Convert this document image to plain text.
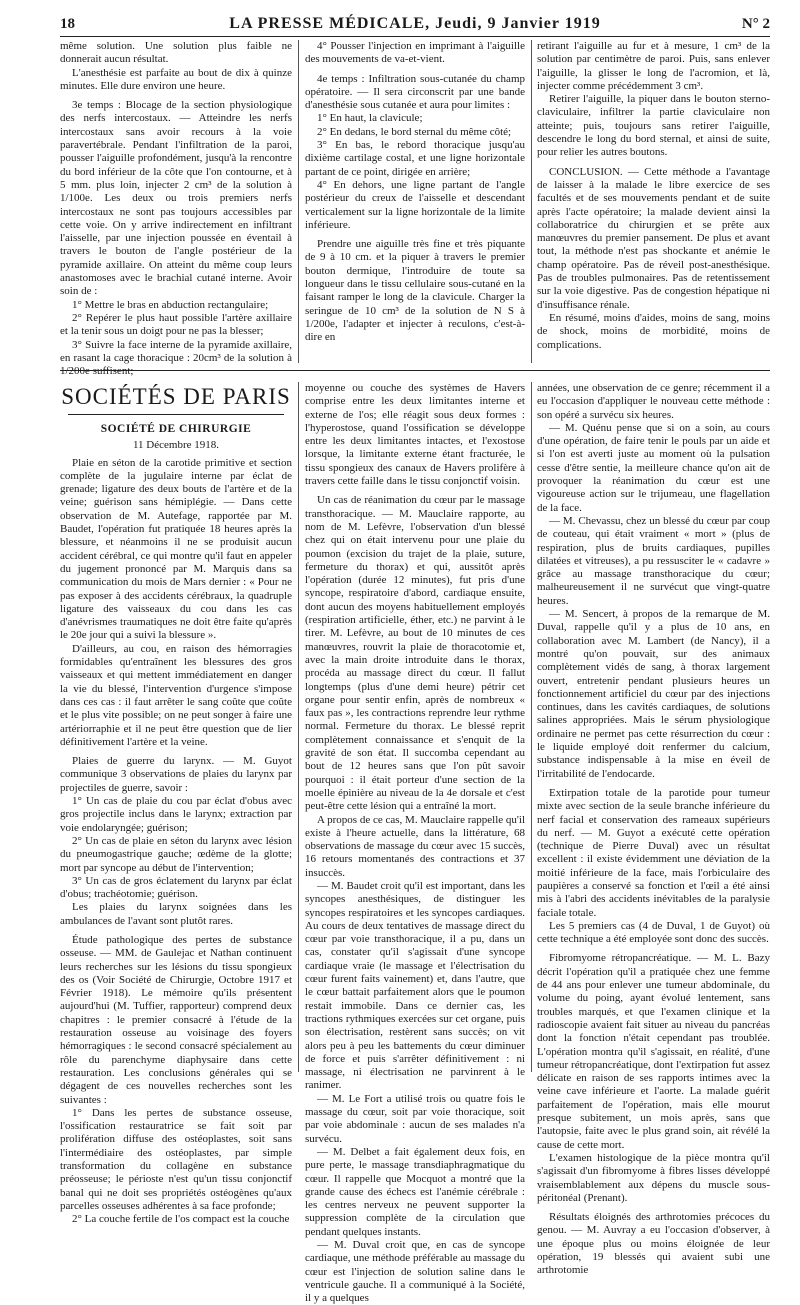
18	LA PRESSE MÉDICALE, Jeudi, 9 Janvier 1919	N° 2

même solution. Une solution plus faible ne donnerait aucun résultat.

L'anesthésie est parfaite au bout de dix à quinze minutes. Elle dure environ une heure.

3e temps : Blocage de la section physiologique des nerfs intercostaux. — Atteindre les nerfs intercostaux sans avoir recours à la voie paravertébrale. Pendant l'infiltration de la paroi, pousser l'aiguille profondément, jusqu'à la rencontre du bord inférieur de la côte que l'on contourne, et à 5 mm. plus loin, injecter 2 cm³ de la solution à 1/100e. Les deux ou trois premiers nerfs intercostaux ne sont pas toujours accessibles par cette voie. On y arrive indirectement en infiltrant l'aisselle, par une injection poussée en éventail à travers le bouton de l'angle postérieur de la pyramide axillaire. On atteint du même coup leurs anastomoses avec le brachial cutané interne. Avoir soin de :

1° Mettre le bras en abduction rectangulaire;

2° Repérer le plus haut possible l'artère axillaire et la tenir sous un doigt pour ne pas la blesser;

3° Suivre la face interne de la pyramide axillaire, en rasant la cage thoracique : 20cm³ de la solution à 1/200e suffisent;

4° Pousser l'injection en imprimant à l'aiguille des mouvements de va-et-vient.

4e temps : Infiltration sous-cutanée du champ opératoire. — Il sera circonscrit par une bande d'anesthésie sous cutanée et aura pour limites :

1° En haut, la clavicule;

2° En dedans, le bord sternal du même côté;

3° En bas, le rebord thoracique jusqu'au dixième cartilage costal, et une ligne horizontale partant de ce point, dirigée en arrière;

4° En dehors, une ligne partant de l'angle postérieur du creux de l'aisselle et descendant verticalement sur la ligne horizontale de la limite inférieure.

Prendre une aiguille très fine et très piquante de 9 à 10 cm. et la piquer à travers le premier bouton dermique, l'introduire de toute sa longueur dans le tissu cellulaire sous-cutané en la faisant ramper le long de la clavicule. Charger la seringue de 10 cm³ de la solution de N S à 1/200e, l'adapter et injecter à reculons, c'est-à-dire en

retirant l'aiguille au fur et à mesure, 1 cm³ de la solution par centimètre de paroi. Puis, sans enlever l'aiguille, la glisser le long de l'acromion, et là, injecter comme précédemment 3 cm³.

Retirer l'aiguille, la piquer dans le bouton sterno-claviculaire, infiltrer la partie claviculaire non atteinte; puis, toujours sans retirer l'aiguille, descendre le long du bord sternal, et ainsi de suite, pour relier les autres boutons.

CONCLUSION. — Cette méthode a l'avantage de laisser à la malade le libre exercice de ses facultés et de ses mouvements pendant et de suite après l'acte opératoire; la malade devient ainsi la collaboratrice du chirurgien et se prête aux manœuvres du premier pansement. De plus et avant tout, la méthode n'est pas shockante et anémie le champ opératoire. Pas de réveil post-anesthésique. Pas de troubles pulmonaires. Pas de retentissement sur la voie digestive. Pas de congestion hépatique ni d'insuffisance rénale.

En résumé, moins d'aides, moins de sang, moins de shock, moins de morbidité, moins de complications.

SOCIÉTÉS DE PARIS
SOCIÉTÉ DE CHIRURGIE
11 Décembre 1918.

Plaie en séton de la carotide primitive et section complète de la jugulaire interne par éclat de grenade; ligature des deux bouts de l'artère et de la veine; guérison sans hémiplégie. — Dans cette observation de M. Autefage, rapportée par M. Baudet, l'opération fut pratiquée 18 heures après la blessure, et néanmoins il ne se produisit aucun accident cérébral, ce qui montre qu'il faut en appeler du jugement prononcé par M. Marquis dans sa communication du mois de Mars dernier : « Pour ne pas exposer à des accidents cérébraux, la quadruple ligature des vaisseaux du cou dans les cas d'anévrismes traumatiques ne doit être faite qu'après le 20e jour qui a suivi la blessure ».

D'ailleurs, au cou, en raison des hémorragies formidables qu'entraînent les blessures des gros vaisseaux et qui mettent immédiatement en danger la vie du blessé, l'intervention d'urgence s'impose dans ces cas : il faut arrêter le sang coûte que coûte et le plus vite possible; on ne peut songer à faire une artériorraphie et il ne peut être question que de lier définitivement l'artère et la veine.

Plaies de guerre du larynx. — M. Guyot communique 3 observations de plaies du larynx par projectiles de guerre, savoir :

1° Un cas de plaie du cou par éclat d'obus avec gros projectile inclus dans le larynx; extraction par voie endolaryngée; guérison;

2° Un cas de plaie en séton du larynx avec lésion du pneumogastrique gauche; œdème de la glotte; mort par syncope au début de l'intervention;

3° Un cas de gros éclatement du larynx par éclat d'obus; trachéotomie; guérison.

Les plaies du larynx soignées dans les ambulances de l'avant sont plutôt rares.

Étude pathologique des pertes de substance osseuse. — MM. de Gaulejac et Nathan continuent leurs recherches sur les lésions du tissu spongieux des os (Voir Société de Chirurgie, Octobre 1917 et Février 1918). Le mémoire qu'ils présentent aujourd'hui (M. Tuffier, rapporteur) comprend deux chapitres : le premier consacré à l'étude de la restauration osseuse au voisinage des foyers hémorragiques : le second consacré spécialement au rôle du parenchyme diaphysaire dans cette restauration. Les conclusions générales qui se dégagent de ces nouvelles recherches sont les suivantes :

1° Dans les pertes de substance osseuse, l'ossification restauratrice se fait soit par prolifération diffuse des ostéoplastes, soit sans l'intermédiaire des ostéoplastes, par simple transformation du collagène en substance préosseuse; le périoste n'est qu'un tissu conjonctif banal qui ne doit ses propriétés ostéogènes qu'aux parcelles osseuses adhérentes à sa face profonde;

2° La couche fertile de l'os compact est la couche

moyenne ou couche des systèmes de Havers comprise entre les deux limitantes interne et externe de l'os; elle réagit sous deux formes : l'hyperostose, quand l'ossification se développe entre les deux limitantes intactes, et l'exostose lorsque, la limitante externe étant fracturée, le tissu spongieux des canaux de Havers prolifère à travers cette faille dans le tissu conjonctif voisin.

Un cas de réanimation du cœur par le massage transthoracique. — M. Mauclaire rapporte, au nom de M. Lefèvre, l'observation d'un blessé chez qui on était intervenu pour une plaie du poumon (excision du trajet de la plaie, suture, fermeture du thorax) et qui, aussitôt après l'opération (durée 12 minutes), fut pris d'une syncope, respiratoire d'abord, cardiaque ensuite, dont aucun des moyens habituellement employés (respiration artificielle, éther, etc.) ne parvint à le tirer. M. Lefèvre, au bout de 10 minutes de ces manœuvres, rouvrit la plaie de thoracotomie et, avec la main droite introduite dans le thorax, procéda au massage direct du cœur. Il fallut longtemps (plus d'une demi heure) pétrir cet organe pour sentir enfin, après de nombreux « faux pas », les contractions reprendre leur rythme normal. Fermeture du thorax. Le blessé reprit complètement connaissance et s'enquit de la gravité de son état. Il succomba cependant au bout de 12 heures sans que l'on pût savoir pourquoi : il était porteur d'une section de la moelle épinière au niveau de la 4e dorsale et c'est peut-être cette lésion qui a entraîné la mort.

A propos de ce cas, M. Mauclaire rappelle qu'il existe à l'heure actuelle, dans la littérature, 68 observations de massage du cœur avec 15 succès, 16 retours momentanés des contractions et 37 insuccès.

— M. Baudet croit qu'il est important, dans les syncopes anesthésiques, de distinguer les syncopes respiratoires et les syncopes cardiaques. Au cours de deux tentatives de massage direct du cœur par voie transthoracique, il a pu, dans un cas, constater qu'il s'agissait d'une syncope cardiaque vraie (le massage et l'électrisation du cœur furent faits vainement) et, dans l'autre, que le cœur battait parfaitement alors que le poumon restait immobile. Dans ce dernier cas, les tractions rythmiques exercées sur cet organe, puis son électrisation, restèrent sans succès; on vit alors peu à peu les battements du cœur diminuer de force et puis s'arrêter définitivement : ni massage, ni électrisation ne parvinrent à le ranimer.

— M. Le Fort a utilisé trois ou quatre fois le massage du cœur, soit par voie thoracique, soit par voie abdominale : aucun de ses malades n'a survécu.

— M. Delbet a fait également deux fois, en pure perte, le massage transdiaphragmatique du cœur. Il rappelle que Mocquot a montré que la grande cause des échecs est l'anémie cérébrale : les centres nerveux ne peuvent supporter la suppression complète de la circulation que pendant quelques instants.

— M. Duval croit que, en cas de syncope cardiaque, une méthode préférable au massage du cœur est l'injection de solution saline dans le ventricule gauche. Il a communiqué à la Société, il y a quelques

années, une observation de ce genre; récemment il a eu l'occasion d'appliquer le nouveau cette méthode : son opéré a survécu six heures.

— M. Quénu pense que si on a soin, au cours d'une opération, de faire tenir le pouls par un aide et si l'on est averti juste au moment où la pulsation cesse d'être sentie, la meilleure chance qu'on ait de provoquer la réanimation du cœur est une vigoureuse action sur le trijumeau, une flagellation de la face.

— M. Chevassu, chez un blessé du cœur par coup de couteau, qui était vraiment « mort » (plus de respiration, plus de bruits cardiaques, pupilles dilatées et vitreuses), a pu ressusciter le « cadavre » grâce au massage transthoracique du cœur; malheureusement il ne survécut que vingt-quatre heures.

— M. Sencert, à propos de la remarque de M. Duval, rappelle qu'il y a plus de 10 ans, en collaboration avec M. Lambert (de Nancy), il a montré qu'on pouvait, sur des animaux complètement vidés de sang, à thorax largement ouvert, entretenir pendant plusieurs heures un fonctionnement artificiel du cœur par des injections continues, dans les cavités cardiaques, de solutions salines appropriées. Mais le sérum physiologique ordinaire ne permet pas cette résurrection du cœur : le liquide employé doit renfermer du calcium, substance indispensable à la mise en éveil de l'irritabilité de l'endocarde.

Extirpation totale de la parotide pour tumeur mixte avec section de la seule branche inférieure du nerf facial et conservation des rameaux supérieurs du nerf. — M. Guyot a exécuté cette opération (technique de Pierre Duval) avec un résultat excellent : il existe évidemment une déviation de la moitié inférieure de la face, mais l'orbiculaire des paupières a conservé sa fonction et l'œil a été ainsi mis à l'abri des accidents inévitables de la paralysie faciale totale.

Les 5 premiers cas (4 de Duval, 1 de Guyot) où cette technique a été employée sont donc des succès.

Fibromyome rétropancréatique. — M. L. Bazy décrit l'opération qu'il a pratiquée chez une femme de 44 ans pour enlever une tumeur abdominale, du volume du poing, ayant évolué lentement, sans troubles marqués, et que l'examen clinique et la radioscopie avaient fait situer au niveau du pancréas dont la fonction n'était cependant pas troublée. L'opération montra qu'il s'agissait, en réalité, d'une tumeur rétropancréatique, dont l'extirpation fut assez délicate en raison de ses rapports intimes avec la veine cave inférieure et l'aorte. La malade guérit parfaitement de l'opération, mais elle mourut presque subitement, un mois après, sans que l'autopsie, faite avec le plus grand soin, ait révélé la cause de cette mort.

L'examen histologique de la pièce montra qu'il s'agissait d'un fibromyome à fibres lisses développé vraisemblablement aux dépens du muscle sous-péritonéal (Prenant).

Résultats éloignés des arthrotomies précoces du genou. — M. Auvray a eu l'occasion d'observer, à une époque plus ou moins éloignée de leur opération, 19 blessés qui avaient subi une arthrotomie
